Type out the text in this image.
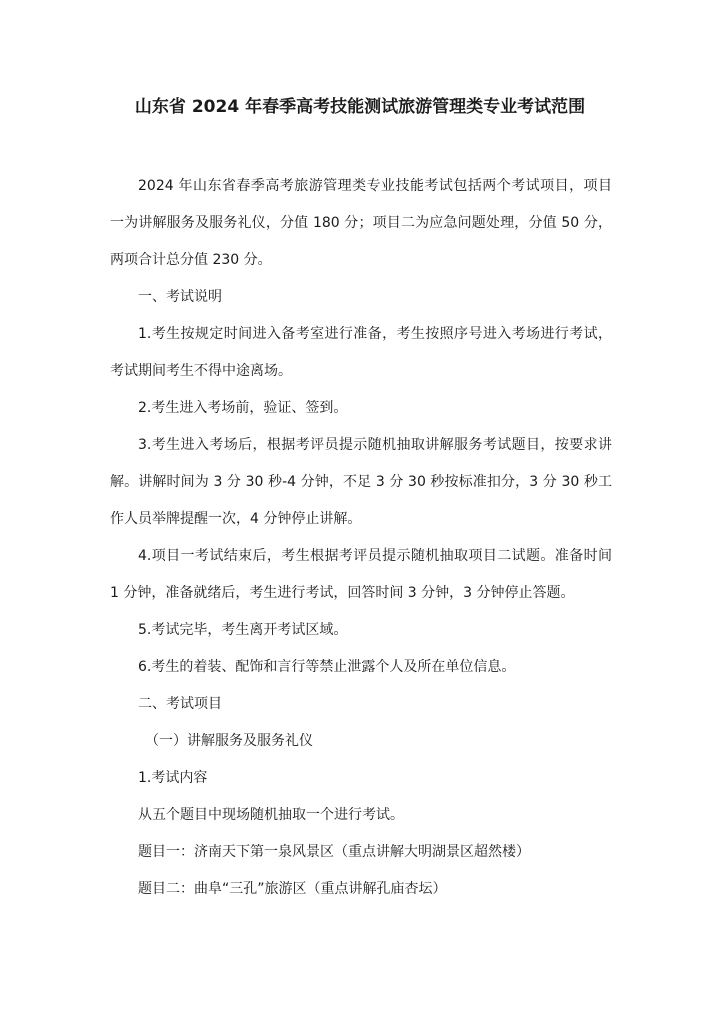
山东省 2024 年春季高考技能测试旅游管理类专业考试范围

2024 年山东省春季高考旅游管理类专业技能考试包括两个考试项目，项目一为讲解服务及服务礼仪，分值 180 分；项目二为应急问题处理，分值 50 分，两项合计总分值 230 分。

一、考试说明

1.考生按规定时间进入备考室进行准备，考生按照序号进入考场进行考试，考试期间考生不得中途离场。

2.考生进入考场前，验证、签到。

3.考生进入考场后，根据考评员提示随机抽取讲解服务考试题目，按要求讲解。讲解时间为 3 分 30 秒-4 分钟，不足 3 分 30 秒按标准扣分，3 分 30 秒工作人员举牌提醒一次，4 分钟停止讲解。

4.项目一考试结束后，考生根据考评员提示随机抽取项目二试题。准备时间 1 分钟，准备就绪后，考生进行考试，回答时间 3 分钟，3 分钟停止答题。

5.考试完毕，考生离开考试区域。

6.考生的着装、配饰和言行等禁止泄露个人及所在单位信息。

二、考试项目

（一）讲解服务及服务礼仪

1.考试内容

从五个题目中现场随机抽取一个进行考试。

题目一：济南天下第一泉风景区（重点讲解大明湖景区超然楼）

题目二：曲阜“三孔”旅游区（重点讲解孔庙杏坛）
